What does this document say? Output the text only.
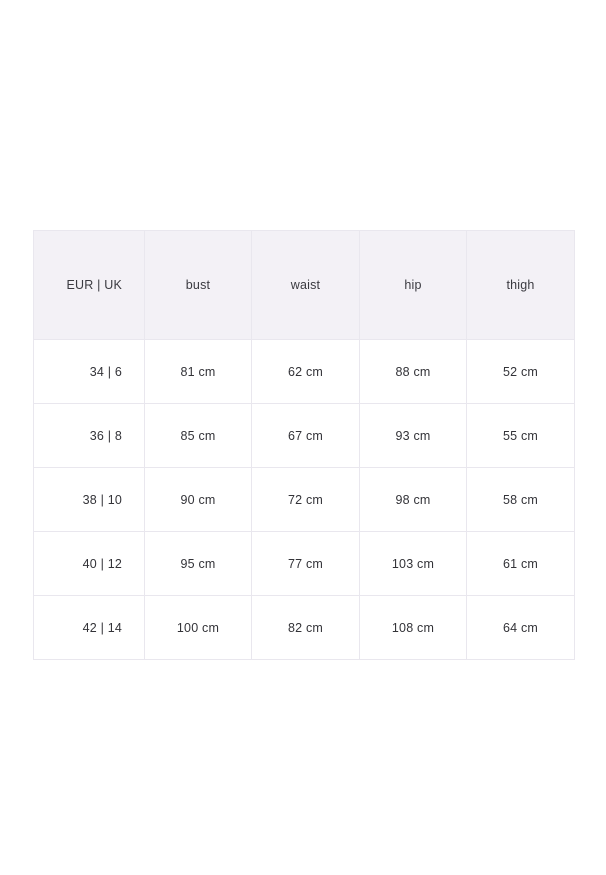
EUR | UK	bust	waist	hip	thigh
34 | 6	81 cm	62 cm	88 cm	52 cm
36 | 8	85 cm	67 cm	93 cm	55 cm
38 | 10	90 cm	72 cm	98 cm	58 cm
40 | 12	95 cm	77 cm	103 cm	61 cm
42 | 14	100 cm	82 cm	108 cm	64 cm
